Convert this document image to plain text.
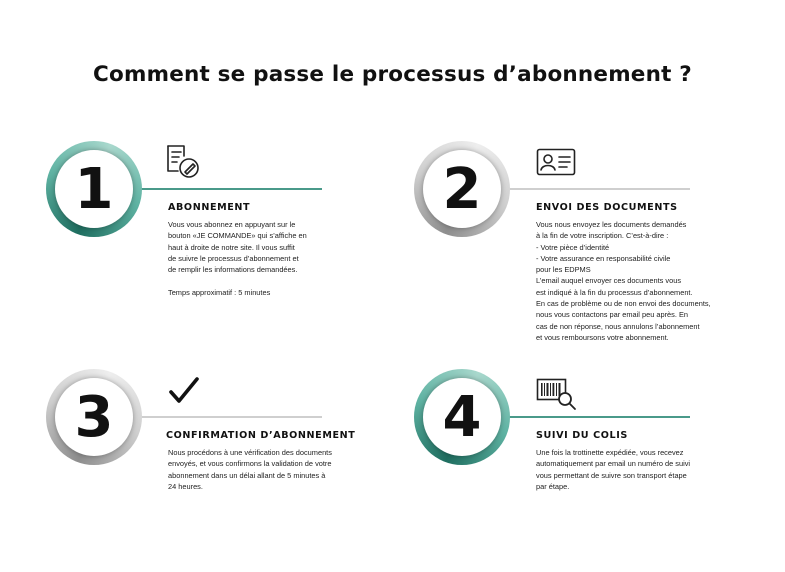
Comment se passe le processus d’abonnement ?
1	ABONNEMENT
Vous vous abonnez en appuyant sur le
bouton «JE COMMANDE» qui s’affiche en
haut à droite de notre site. Il vous suffit
de suivre le processus d’abonnement et
de remplir les informations demandées.
Temps approximatif : 5 minutes
2	ENVOI DES DOCUMENTS
Vous nous envoyez les documents demandés
à la fin de votre inscription. C’est-à-dire :
- Votre pièce d’identité
- Votre assurance en responsabilité civile
pour les EDPMS
L’email auquel envoyer ces documents vous
est indiqué à la fin du processus d’abonnement.
En cas de problème ou de non envoi des documents,
nous vous contactons par email peu après. En
cas de non réponse, nous annulons l’abonnement
et vous remboursons votre abonnement.
3	CONFIRMATION D’ABONNEMENT
Nous procédons à une vérification des documents
envoyés, et vous confirmons la validation de votre
abonnement dans un délai allant de 5 minutes à
24 heures.
4	SUIVI DU COLIS
Une fois la trottinette expédiée, vous recevez
automatiquement par email un numéro de suivi
vous permettant de suivre son transport étape
par étape.
